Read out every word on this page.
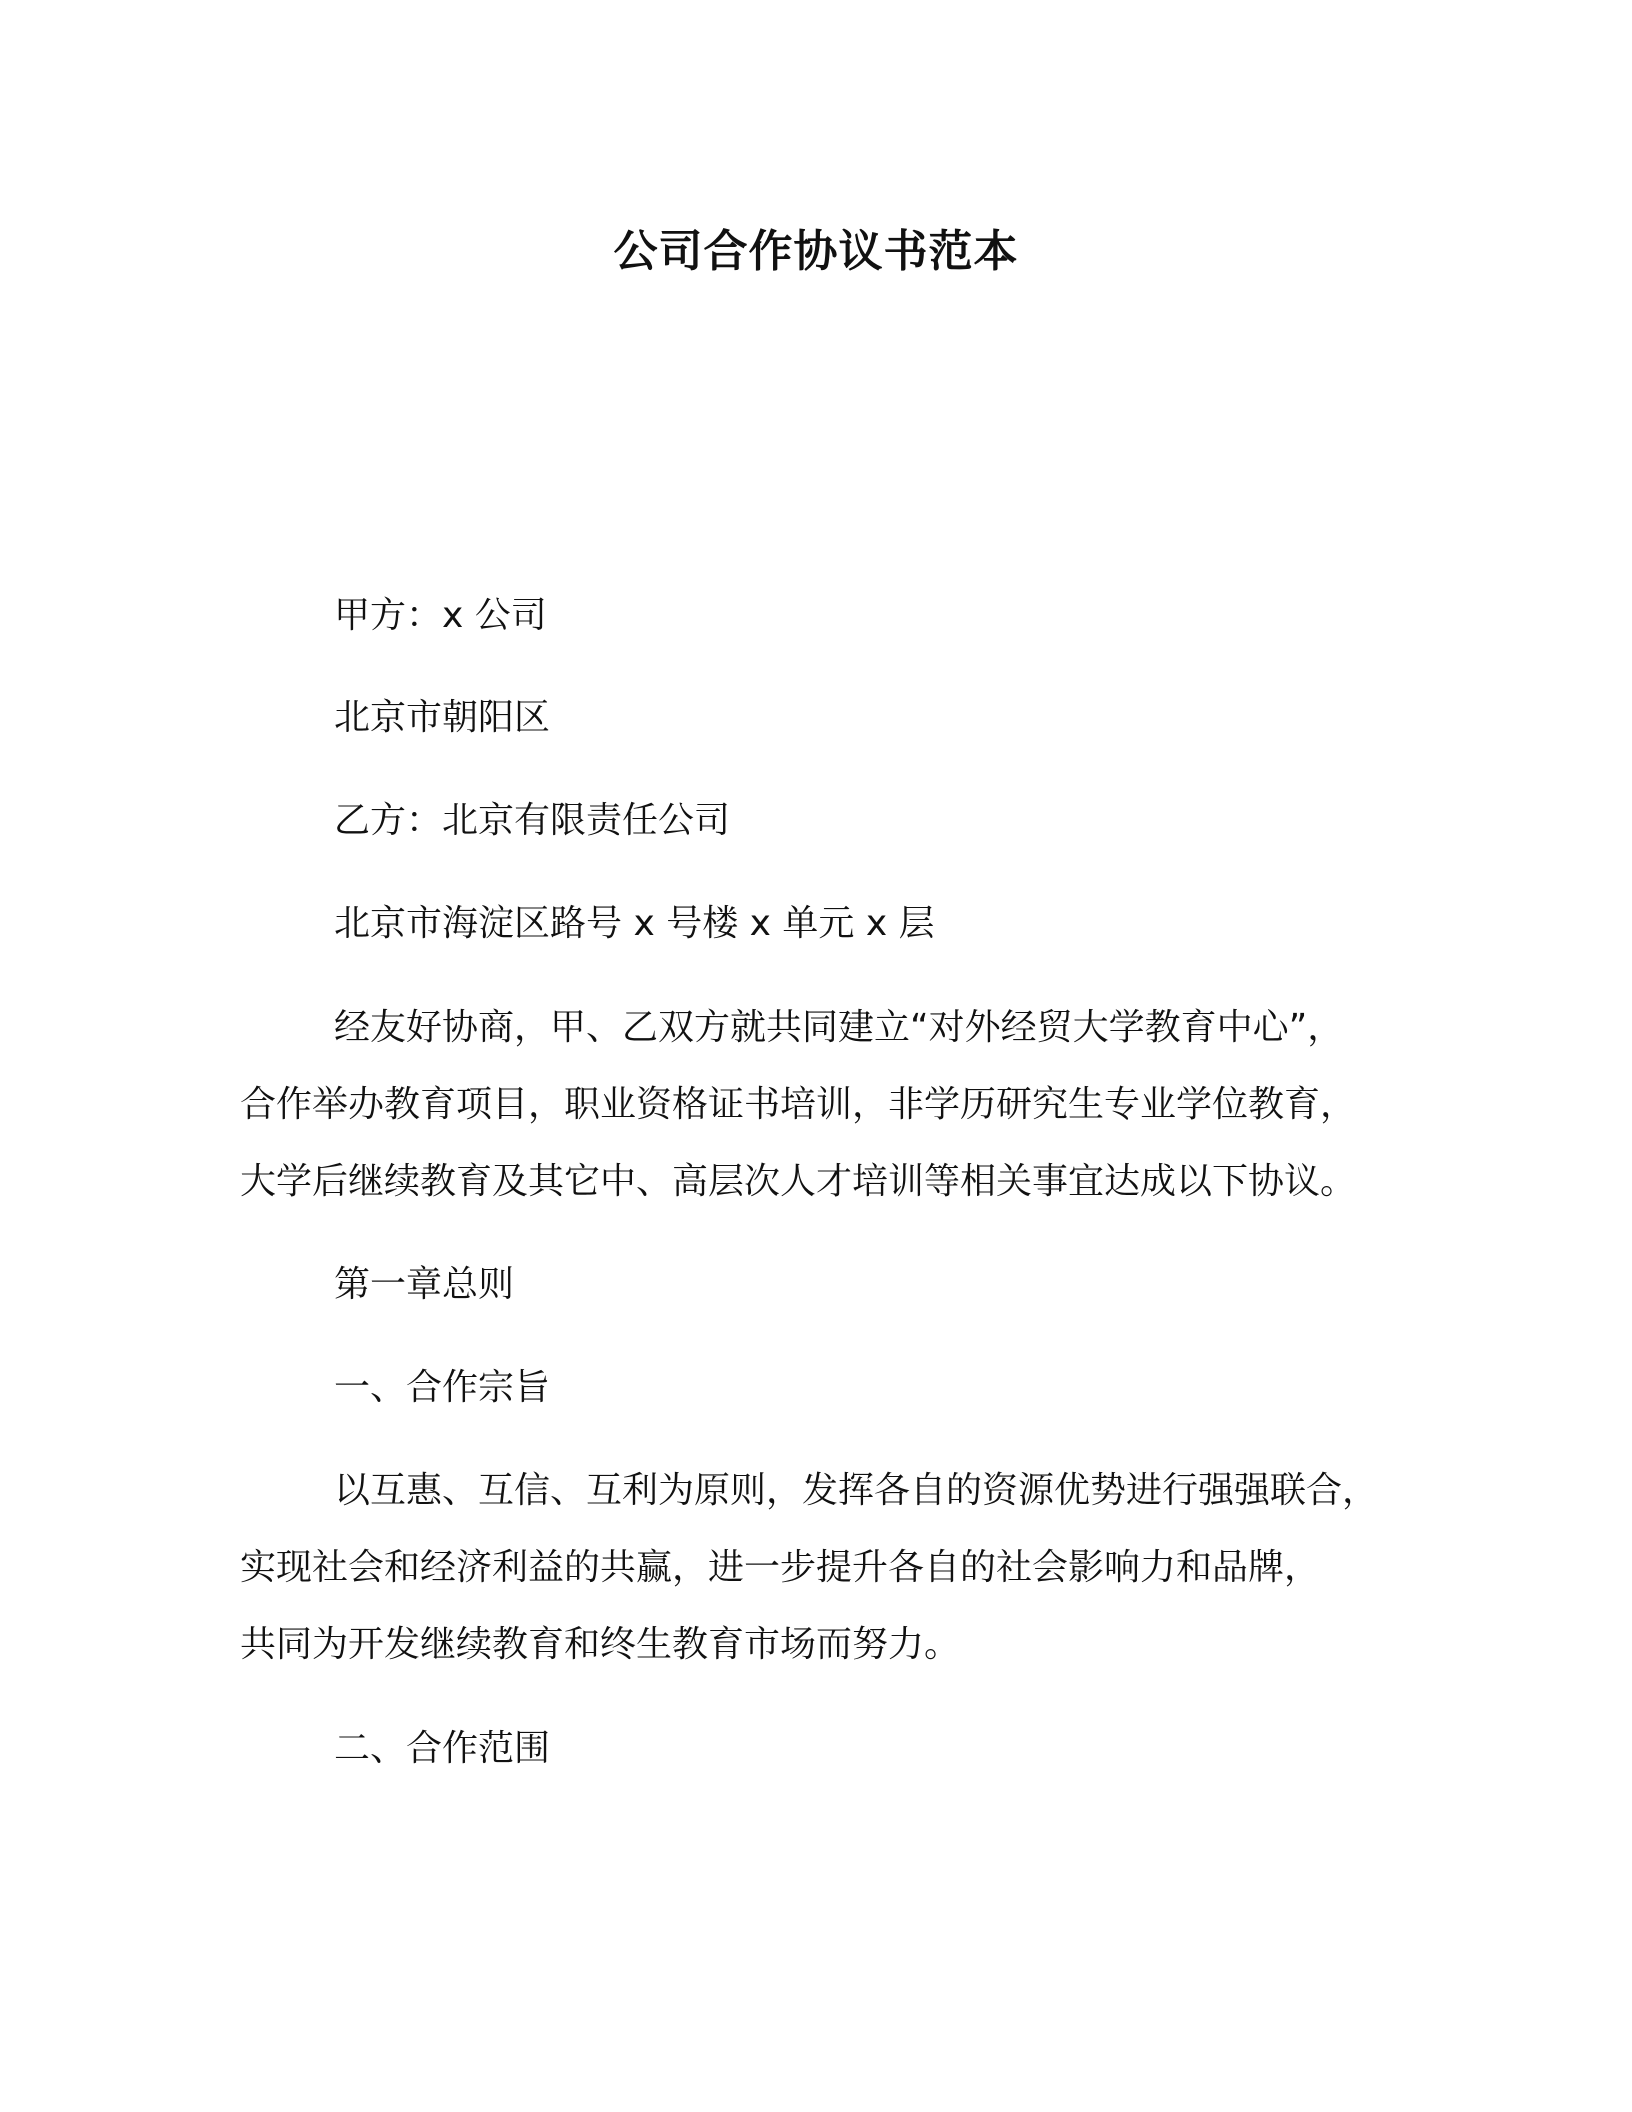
公司合作协议书范本

甲方：x 公司

北京市朝阳区

乙方：北京有限责任公司

北京市海淀区路号 x 号楼 x 单元 x 层

经友好协商，甲、乙双方就共同建立“对外经贸大学教育中心”，
合作举办教育项目，职业资格证书培训，非学历研究生专业学位教育，
大学后继续教育及其它中、高层次人才培训等相关事宜达成以下协议。

第一章总则

一、合作宗旨

以互惠、互信、互利为原则，发挥各自的资源优势进行强强联合，
实现社会和经济利益的共赢，进一步提升各自的社会影响力和品牌，
共同为开发继续教育和终生教育市场而努力。

二、合作范围
